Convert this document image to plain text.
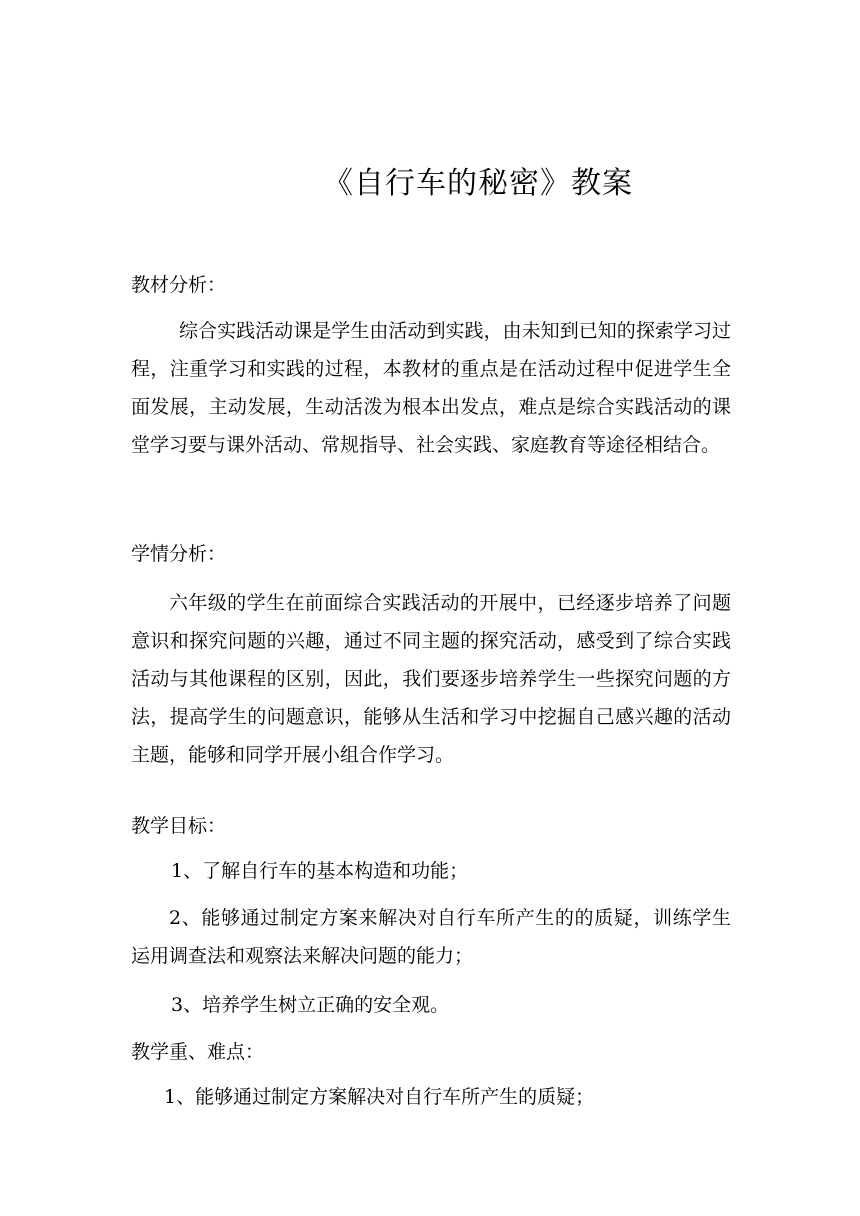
《自行车的秘密》教案
教材分析：
综合实践活动课是学生由活动到实践，由未知到已知的探索学习过程，注重学习和实践的过程，本教材的重点是在活动过程中促进学生全面发展，主动发展，生动活泼为根本出发点，难点是综合实践活动的课堂学习要与课外活动、常规指导、社会实践、家庭教育等途径相结合。
学情分析：
六年级的学生在前面综合实践活动的开展中，已经逐步培养了问题意识和探究问题的兴趣，通过不同主题的探究活动，感受到了综合实践活动与其他课程的区别，因此，我们要逐步培养学生一些探究问题的方法，提高学生的问题意识，能够从生活和学习中挖掘自己感兴趣的活动主题，能够和同学开展小组合作学习。
教学目标：
1、了解自行车的基本构造和功能；
2、能够通过制定方案来解决对自行车所产生的的质疑，训练学生运用调查法和观察法来解决问题的能力；
3、培养学生树立正确的安全观。
教学重、难点：
1、能够通过制定方案解决对自行车所产生的质疑；
